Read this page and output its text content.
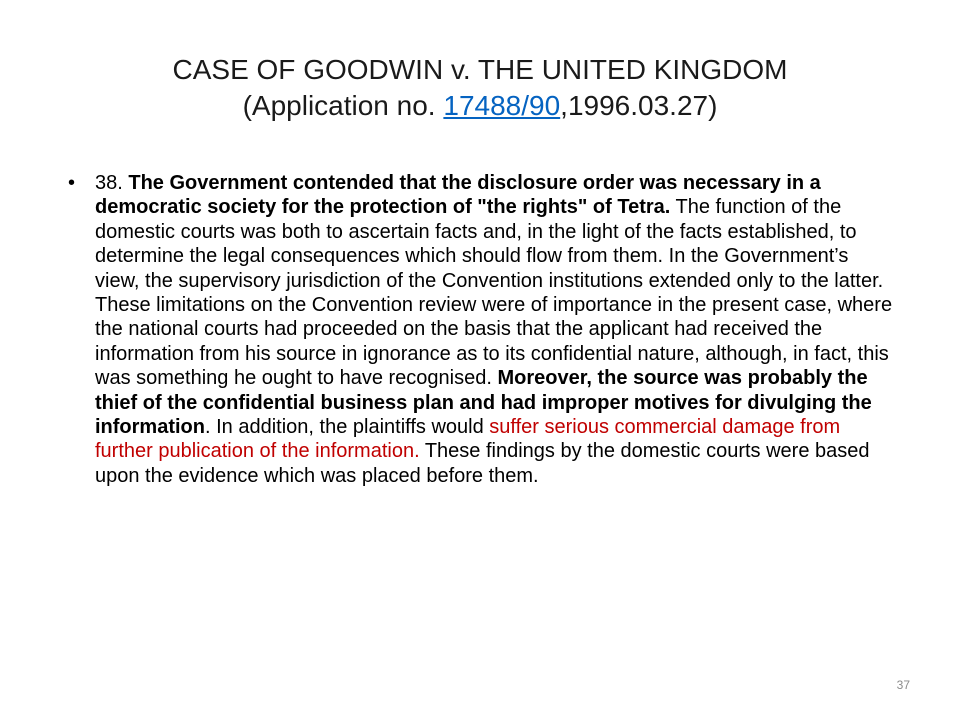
CASE OF GOODWIN v. THE UNITED KINGDOM
(Application no. 17488/90,1996.03.27)
• 38. The Government contended that the disclosure order was necessary in a democratic society for the protection of "the rights" of Tetra. The function of the domestic courts was both to ascertain facts and, in the light of the facts established, to determine the legal consequences which should flow from them. In the Government’s view, the supervisory jurisdiction of the Convention institutions extended only to the latter. These limitations on the Convention review were of importance in the present case, where the national courts had proceeded on the basis that the applicant had received the information from his source in ignorance as to its confidential nature, although, in fact, this was something he ought to have recognised. Moreover, the source was probably the thief of the confidential business plan and had improper motives for divulging the information. In addition, the plaintiffs would suffer serious commercial damage from further publication of the information. These findings by the domestic courts were based upon the evidence which was placed before them.
37
